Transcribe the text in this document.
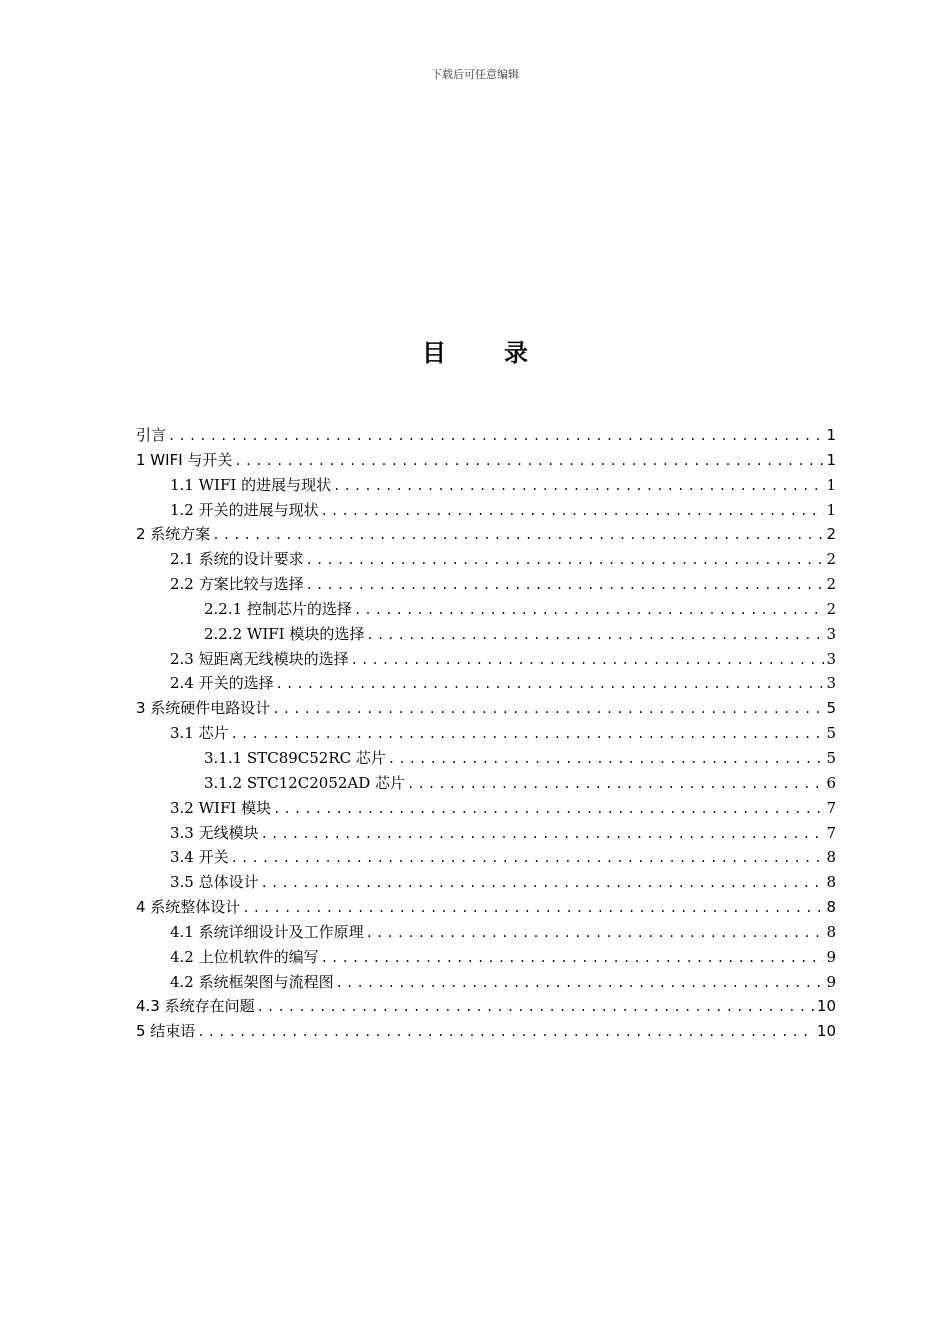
下载后可任意编辑
目 录
引言 .....	1
1 WIFI 与开关 .....	1
1.1 WIFI 的进展与现状 .....	1
1.2 开关的进展与现状 .....	1
2 系统方案 .....	2
2.1 系统的设计要求 .....	2
2.2 方案比较与选择 .....	2
2.2.1 控制芯片的选择 .....	2
2.2.2 WIFI 模块的选择 .....	3
2.3 短距离无线模块的选择 .....	3
2.4 开关的选择 .....	3
3 系统硬件电路设计 .....	5
3.1 芯片 .....	5
3.1.1 STC89C52RC 芯片 .....	5
3.1.2 STC12C2052AD 芯片 .....	6
3.2 WIFI 模块 .....	7
3.3 无线模块 .....	7
3.4 开关 .....	8
3.5 总体设计 .....	8
4 系统整体设计 .....	8
4.1 系统详细设计及工作原理 .....	8
4.2 上位机软件的编写 .....	9
4.2 系统框架图与流程图 .....	9
4.3 系统存在问题 .....	10
5 结束语 .....	10
